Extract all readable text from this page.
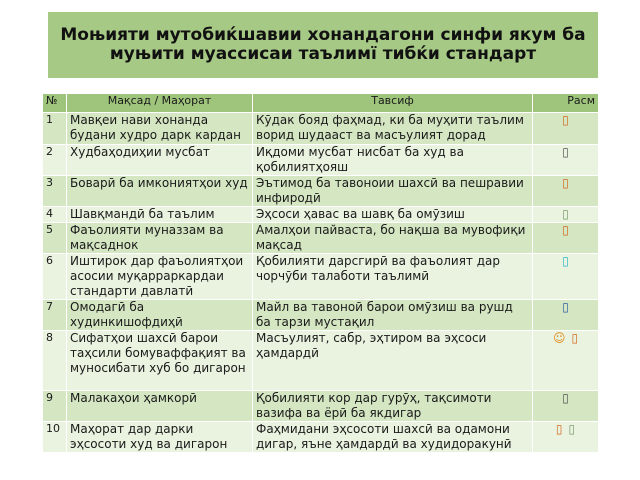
Моњияти мутобиќшавии хонандагони синфи якум ба муњити муассисаи таълимї тибќи стандарт
№	Мақсад / Маҳорат	Тавсиф	Расм
1	Мавқеи нави хонанда будани худро дарк кардан	Кӯдак бояд фаҳмад, ки ба муҳити таълим ворид шудааст ва масъулият дорад	▯
2	Худбаҳодиҳии мусбат	Иқдоми мусбат нисбат ба худ ва қобилиятҳояш	▯
3	Боварӣ ба имкониятҳои худ	Эътимод ба тавоноии шахсӣ ва пешравии инфиродӣ	▯
4	Шавқмандӣ ба таълим	Эҳсоси ҳавас ва шавқ ба омӯзиш	▯
5	Фаъолияти муназзам ва мақсаднок	Амалҳои пайваста, бо нақша ва мувофиқи мақсад	▯
6	Иштирок дар фаъолиятҳои асосии муқарраркардаи стандарти давлатӣ	Қобилияти дарсгирӣ ва фаъолият дар чорчӯби талаботи таълимӣ	▯
7	Омодагӣ ба худинкишофдиҳӣ	Майл ва тавоноӣ барои омӯзиш ва рушд ба тарзи мустақил	▯
8	Сифатҳои шахсӣ барои таҳсили бомуваффақият ва муносибати хуб бо дигарон	Масъулият, сабр, эҳтиром ва эҳсоси ҳамдардӣ	☺ ▯
9	Малакаҳои ҳамкорӣ	Қобилияти кор дар гурӯҳ, тақсимоти вазифа ва ёрӣ ба якдигар	▯
10	Маҳорат дар дарки эҳсосоти худ ва дигарон	Фаҳмидани эҳсосоти шахсӣ ва одамони дигар, яъне ҳамдардӣ ва худидоракунӣ	▯ ▯
